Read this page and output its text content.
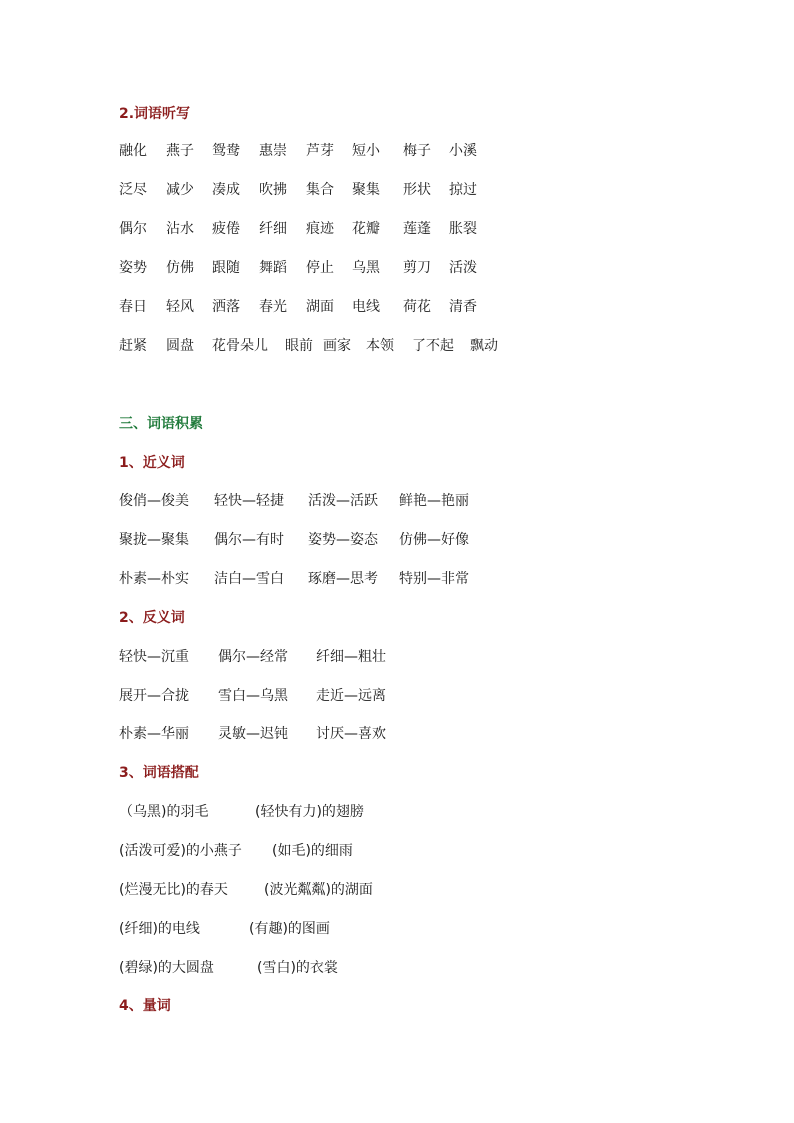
2.词语听写
融化 燕子 鸳鸯 惠崇 芦芽 短小 梅子 小溪
泛尽 减少 凑成 吹拂 集合 聚集 形状 掠过
偶尔 沾水 疲倦 纤细 痕迹 花瓣 莲蓬 胀裂
姿势 仿佛 跟随 舞蹈 停止 乌黑 剪刀 活泼
春日 轻风 洒落 春光 湖面 电线 荷花 清香
赶紧 圆盘 花骨朵儿 眼前 画家 本领 了不起 飘动
三、词语积累
1、近义词
俊俏—俊美 轻快—轻捷 活泼—活跃 鲜艳—艳丽
聚拢—聚集 偶尔—有时 姿势—姿态 仿佛—好像
朴素—朴实 洁白—雪白 琢磨—思考 特别—非常
2、反义词
轻快—沉重 偶尔—经常 纤细—粗壮
展开—合拢 雪白—乌黑 走近—远离
朴素—华丽 灵敏—迟钝 讨厌—喜欢
3、词语搭配
（乌黑)的羽毛	(轻快有力)的翅膀
(活泼可爱)的小燕子 (如毛)的细雨
(烂漫无比)的春天	(波光粼粼)的湖面
(纤细)的电线	(有趣)的图画
(碧绿)的大圆盘	(雪白)的衣裳
4、量词
